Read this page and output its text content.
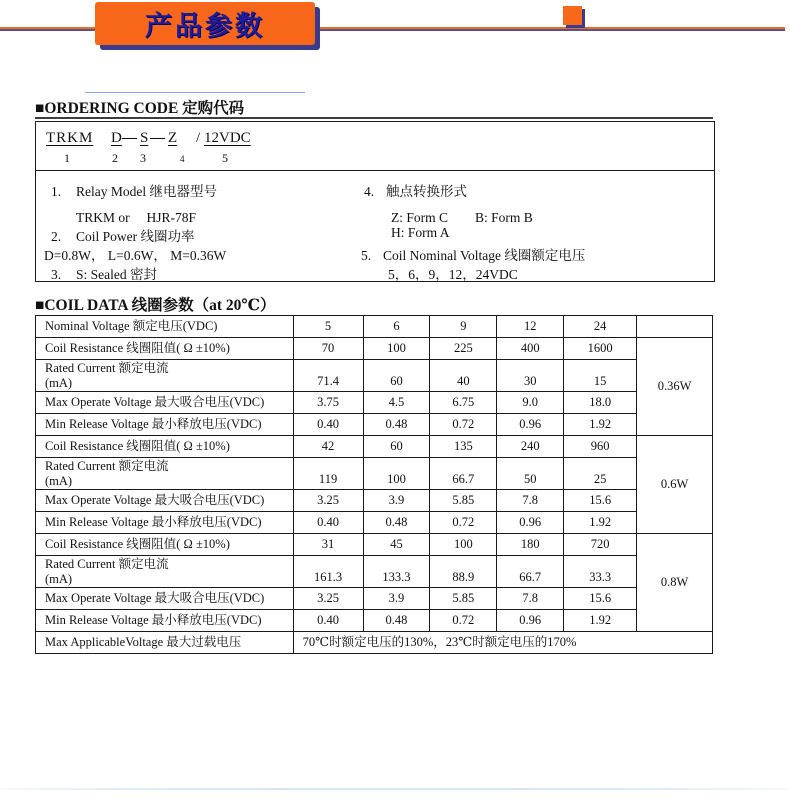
产品参数
■ORDERING CODE 定购代码
TRKM D — S — Z / 12VDC
1	2 3	4	5
1. Relay Model 继电器型号
TRKM or　 HJR-78F
2. Coil Power 线圈功率
D=0.8W， L=0.6W， M=0.36W
3. S: Sealed 密封
4. 触点转换形式
Z: Form C　　B: Form B
H: Form A
5. Coil Nominal Voltage 线圈额定电压
5，6，9，12，24VDC
■COIL DATA 线圈参数（at 20℃）
Nominal Voltage 额定电压(VDC)	5	6	9	12	24	
Coil Resistance 线圈阻值( Ω ±10%)	70	100	225	400	1600	0.36W

Rated Current 额定电流
(mA)	71.4	60	40	30	15	
Max Operate Voltage 最大吸合电压(VDC)	3.75	4.5	6.75	9.0	18.0	
Min Release Voltage 最小释放电压(VDC)	0.40	0.48	0.72	0.96	1.92	
Coil Resistance 线圈阻值( Ω ±10%)	42	60	135	240	960	0.6W

Rated Current 额定电流
(mA)	119	100	66.7	50	25	
Max Operate Voltage 最大吸合电压(VDC)	3.25	3.9	5.85	7.8	15.6	
Min Release Voltage 最小释放电压(VDC)	0.40	0.48	0.72	0.96	1.92	
Coil Resistance 线圈阻值( Ω ±10%)	31	45	100	180	720	0.8W

Rated Current 额定电流
(mA)	161.3	133.3	88.9	66.7	33.3	
Max Operate Voltage 最大吸合电压(VDC)	3.25	3.9	5.85	7.8	15.6	
Min Release Voltage 最小释放电压(VDC)	0.40	0.48	0.72	0.96	1.92	
Max ApplicableVoltage 最大过载电压	70℃时额定电压的130%，23℃时额定电压的170%					
